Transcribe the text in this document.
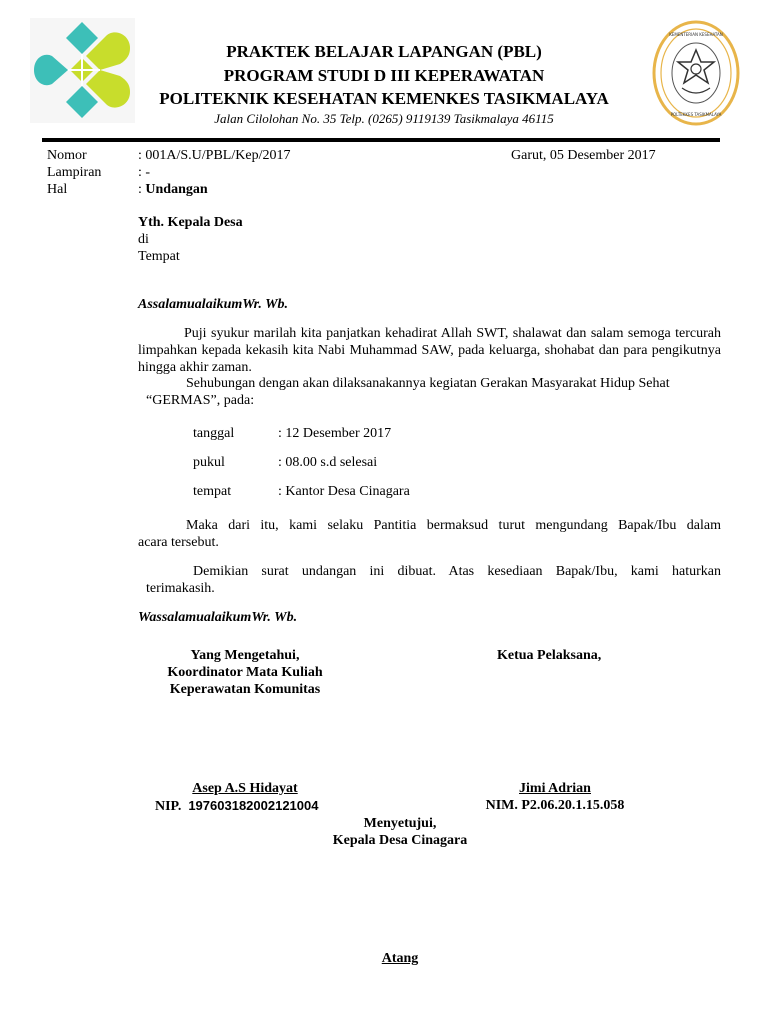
KEMENTERIAN KESEHATAN
POLTEKKES TASIKMALAYA
PRAKTEK BELAJAR LAPANGAN (PBL)
PROGRAM STUDI D III KEPERAWATAN
POLITEKNIK KESEHATAN KEMENKES TASIKMALAYA
Jalan Cilolohan No. 35 Telp. (0265) 9119139 Tasikmalaya 46115
Nomor	: 001A/S.U/PBL/Kep/2017	Garut, 05 Desember 2017
Lampiran	: -
Hal	: Undangan
Yth. Kepala Desa
di
Tempat
AssalamualaikumWr. Wb.
Puji syukur marilah kita panjatkan kehadirat Allah SWT, shalawat dan salam semoga tercurah limpahkan kepada kekasih kita Nabi Muhammad SAW, pada keluarga, shohabat dan para pengikutnya hingga akhir zaman.
Sehubungan dengan akan dilaksanakannya kegiatan Gerakan Masyarakat Hidup Sehat
“GERMAS”, pada:
tanggal	: 12 Desember 2017
pukul	: 08.00 s.d selesai
tempat	: Kantor Desa Cinagara
Maka dari itu, kami selaku Pantitia bermaksud turut mengundang Bapak/Ibu dalam
acara tersebut.
Demikian surat undangan ini dibuat. Atas kesediaan Bapak/Ibu, kami haturkan
terimakasih.
WassalamualaikumWr. Wb.
Yang Mengetahui,
Koordinator Mata Kuliah
Keperawatan Komunitas
Ketua Pelaksana,
Asep A.S Hidayat
NIP. 197603182002121004
Jimi Adrian
NIM. P2.06.20.1.15.058
Menyetujui,
Kepala Desa Cinagara
Atang
